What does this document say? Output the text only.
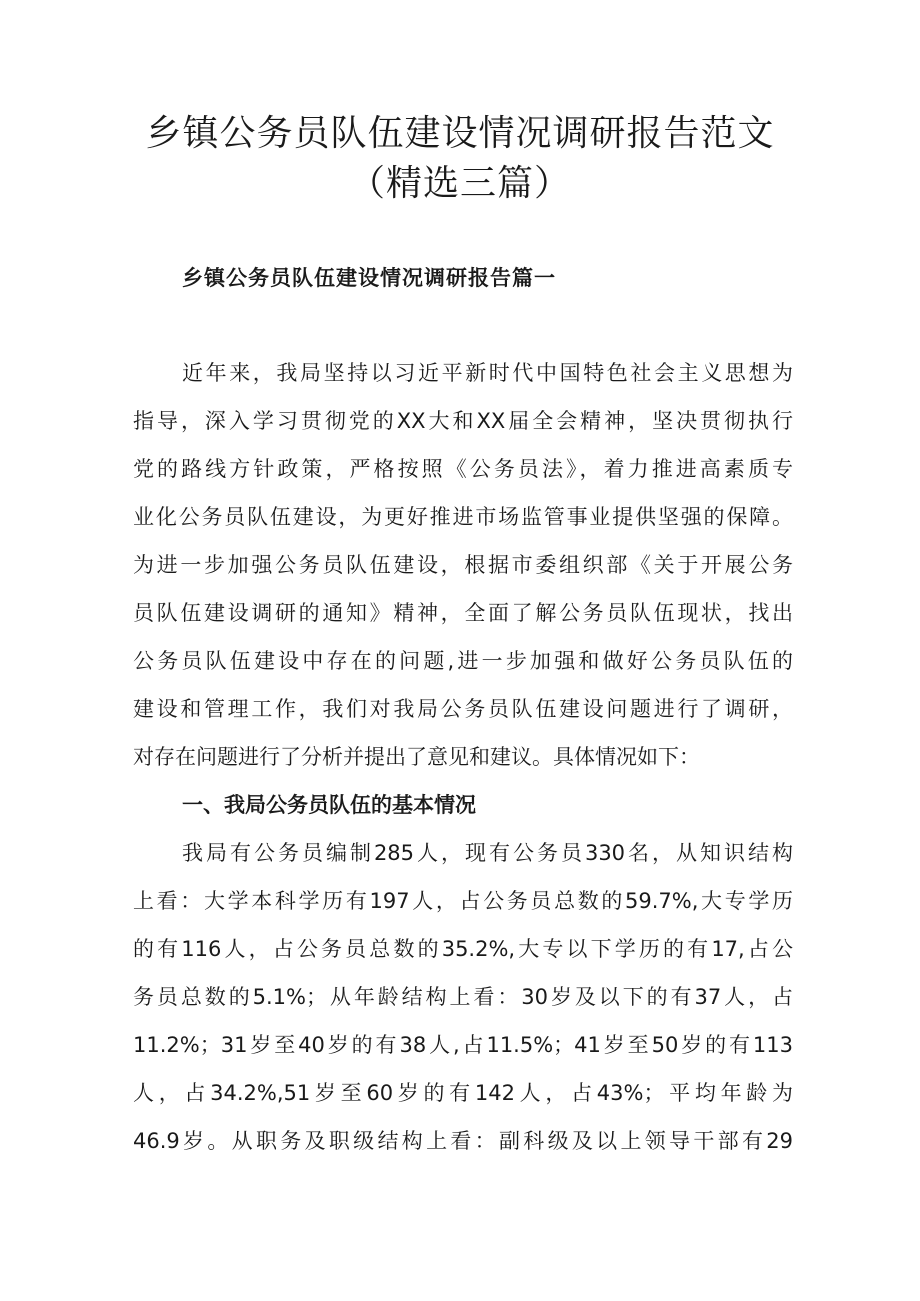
乡镇公务员队伍建设情况调研报告范文
（精选三篇）
乡镇公务员队伍建设情况调研报告篇一
近年来，我局坚持以习近平新时代中国特色社会主义思想为
指导，深入学习贯彻党的XX大和XX届全会精神，坚决贯彻执行
党的路线方针政策，严格按照《公务员法》，着力推进高素质专
业化公务员队伍建设，为更好推进市场监管事业提供坚强的保障。
为进一步加强公务员队伍建设，根据市委组织部《关于开展公务
员队伍建设调研的通知》精神，全面了解公务员队伍现状，找出
公务员队伍建设中存在的问题,进一步加强和做好公务员队伍的
建设和管理工作，我们对我局公务员队伍建设问题进行了调研，
对存在问题进行了分析并提出了意见和建议。具体情况如下：
一、我局公务员队伍的基本情况
我局有公务员编制285人，现有公务员330名，从知识结构
上看：大学本科学历有197人，占公务员总数的59.7%,大专学历
的有116人，占公务员总数的35.2%,大专以下学历的有17,占公
务员总数的5.1%；从年龄结构上看：30岁及以下的有37人，占
11.2%；31岁至40岁的有38人,占11.5%；41岁至50岁的有113
人，占34.2%,51岁至60岁的有142人，占43%；平均年龄为
46.9岁。从职务及职级结构上看：副科级及以上领导干部有29
